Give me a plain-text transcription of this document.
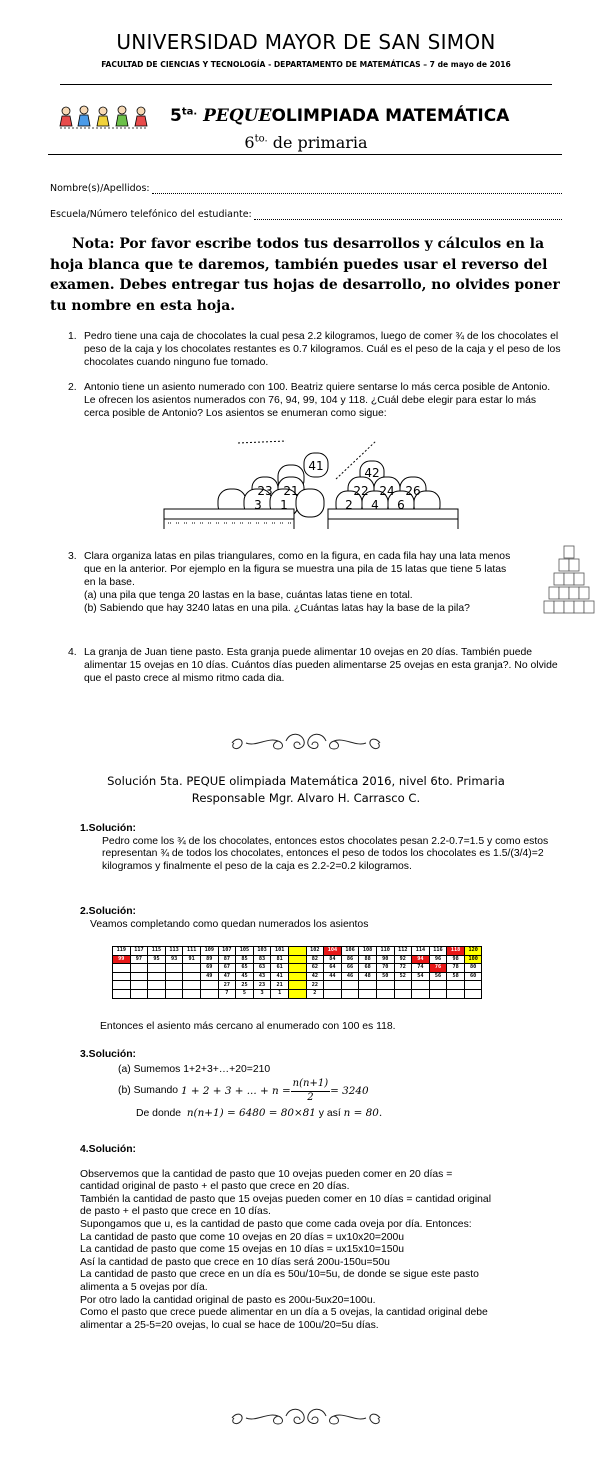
UNIVERSIDAD MAYOR DE SAN SIMON
FACULTAD DE CIENCIAS Y TECNOLOGÍA - DEPARTAMENTO DE MATEMÁTICAS – 7 de mayo de 2016
$5^{ta.}$ PEQUEOLIMPIADA MATEMÁTICA
$6^{to.}$ de primaria
Nombre(s)/Apellidos:
Escuela/Número telefónico del estudiante:
Nota: Por favor escribe todos tus desarrollos y cálculos en la hoja blanca que te daremos, también puedes usar el reverso del examen. Debes entregar tus hojas de desarrollo, no olvides poner tu nombre en esta hoja.
1. Pedro tiene una caja de chocolates la cual pesa 2.2 kilogramos, luego de comer ¾ de los chocolates el peso de la caja y los chocolates restantes es 0.7 kilogramos. Cuál es el peso de la caja y el peso de los chocolates cuando ninguno fue tomado.
2. Antonio tiene un asiento numerado con 100. Beatriz quiere sentarse lo más cerca posible de Antonio. Le ofrecen los asientos numerados con 76, 94, 99, 104 y 118. ¿Cuál debe elegir para estar lo más cerca posible de Antonio? Los asientos se enumeran como sigue:
41
23 21
3 1
42
22 24 26
2 4 6
3. Clara organiza latas en pilas triangulares, como en la figura, en cada fila hay una lata menos que en la anterior. Por ejemplo en la figura se muestra una pila de 15 latas que tiene 5 latas en la base.
(a) una pila que tenga 20 lastas en la base, cuántas latas tiene en total.
(b) Sabiendo que hay 3240 latas en una pila. ¿Cuántas latas hay la base de la pila?
4. La granja de Juan tiene pasto. Esta granja puede alimentar 10 ovejas en 20 días. También puede alimentar 15 ovejas en 10 días. Cuántos días pueden alimentarse 25 ovejas en esta granja?. No olvide que el pasto crece al mismo ritmo cada dia.
Solución 5ta. PEQUE olimpiada Matemática 2016, nivel 6to. Primaria
Responsable Mgr. Alvaro H. Carrasco C.
1.Solución:
Pedro come los ¾ de los chocolates, entonces estos chocolates pesan 2.2-0.7=1.5 y como estos representan ¾ de todos los chocolates, entonces el peso de todos los chocolates es 1.5/(3/4)=2 kilogramos y finalmente el peso de la caja es 2.2-2=0.2 kilogramos.
2.Solución:
Veamos completando como quedan numerados los asientos
119	117	115	113	111	109	107	105	103	101		102	104	106	108	110	112	114	116	118	120
99	97	95	93	91	89	87	85	83	81		82	84	86	88	90	92	94	96	98	100
					69	67	65	63	61		62	64	66	68	70	72	74	76	78	80
					49	47	45	43	41		42	44	46	48	50	52	54	56	58	60
						27	25	23	21		22									
						7	5	3	1		2									
Entonces el asiento más cercano al enumerado con 100 es 118.
3.Solución:
(a) Sumemos 1+2+3+…+20=210
(b) Sumando
1 + 2 + 3 + ... + $n = \frac{n(n+1)}{2} = 3240$
De donde n(n+1) = 6480 = 80×81 y así n = 80.
4.Solución:
Observemos que la cantidad de pasto que 10 ovejas pueden comer en 20 días =
cantidad original de pasto + el pasto que crece en 20 días.
También la cantidad de pasto que 15 ovejas pueden comer en 10 días = cantidad original
de pasto + el pasto que crece en 10 días.
Supongamos que u, es la cantidad de pasto que come cada oveja por día. Entonces:
La cantidad de pasto que come 10 ovejas en 20 días = ux10x20=200u
La cantidad de pasto que come 15 ovejas en 10 días = ux15x10=150u
Así la cantidad de pasto que crece en 10 días será 200u-150u=50u
La cantidad de pasto que crece en un día es 50u/10=5u, de donde se sigue este pasto
alimenta a 5 ovejas por día.
Por otro lado la cantidad original de pasto es 200u-5ux20=100u.
Como el pasto que crece puede alimentar en un día a 5 ovejas, la cantidad original debe
alimentar a 25-5=20 ovejas, lo cual se hace de 100u/20=5u días.
